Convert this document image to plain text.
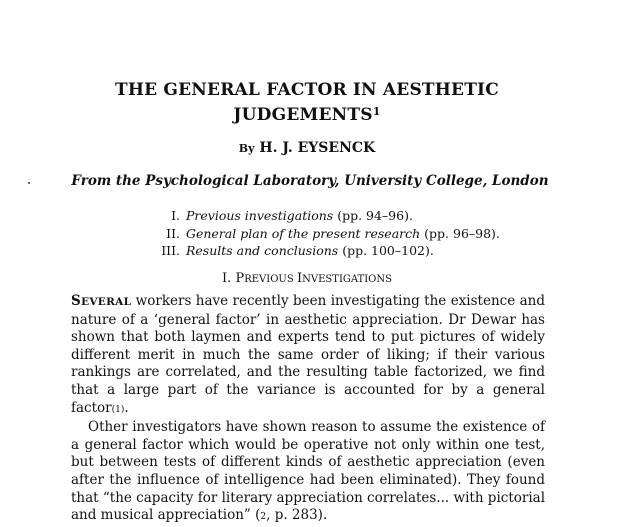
THE GENERAL FACTOR IN AESTHETIC
JUDGEMENTS$^1$
By H. J. EYSENCK
From the Psychological Laboratory, University College, London
I. Previous investigations (pp. 94–96).
II. General plan of the present research (pp. 96–98).
III. Results and conclusions (pp. 100–102).
I. PREVIOUS INVESTIGATIONS

SEVERAL workers have recently been investigating the existence and nature of a ‘general factor’ in aesthetic appreciation. Dr Dewar has shown that both laymen and experts tend to put pictures of widely different merit in much the same order of liking; if their various rankings are correlated, and the resulting table factorized, we find that a large part of the variance is accounted for by a general factor(1).

Other investigators have shown reason to assume the existence of a general factor which would be operative not only within one test, but between tests of different kinds of aesthetic appreciation (even after the influence of intelligence had been eliminated). They found that “the capacity for literary appreciation correlates... with pictorial and musical appreciation” (2, p. 283).
